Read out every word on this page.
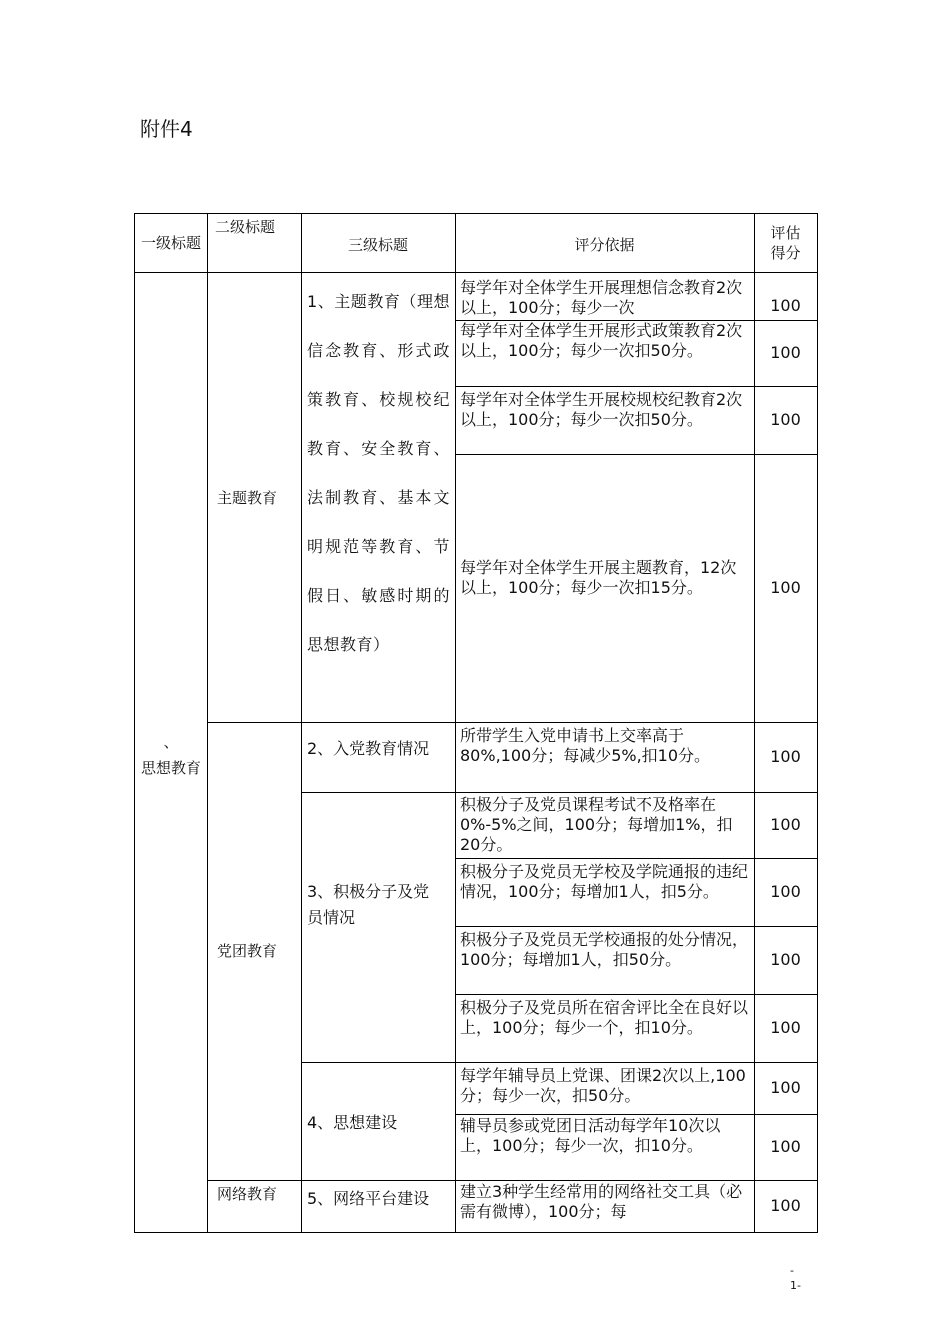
附件4
一级标题
二级标题
三级标题	评分依据
评估得分
、
思想教育
主题教育
党团教育
网络教育
1、主题教育（理想信念教育、形式政策教育、校规校纪教育、安全教育、法制教育、基本文明规范等教育、节假日、敏感时期的思想教育）
2、入党教育情况
3、积极分子及党员情况
4、思想建设
5、网络平台建设
每学年对全体学生开展理想信念教育2次以上，100分；每少一次
每学年对全体学生开展形式政策教育2次以上，100分；每少一次扣50分。
每学年对全体学生开展校规校纪教育2次以上，100分；每少一次扣50分。
每学年对全体学生开展主题教育，12次以上，100分；每少一次扣15分。
所带学生入党申请书上交率高于80%,100分；每减少5%,扣10分。
积极分子及党员课程考试不及格率在0%-5%之间，100分；每增加1%，扣20分。
积极分子及党员无学校及学院通报的违纪情况，100分；每增加1人，扣5分。
积极分子及党员无学校通报的处分情况，100分；每增加1人，扣50分。
积极分子及党员所在宿舍评比全在良好以上，100分；每少一个，扣10分。
每学年辅导员上党课、团课2次以上,100分；每少一次，扣50分。
辅导员参或党团日活动每学年10次以上，100分；每少一次，扣10分。
建立3种学生经常用的网络社交工具（必需有微博），100分；每
100
100
100
100
100
100
100
100
100
100
100
100
-
1-
